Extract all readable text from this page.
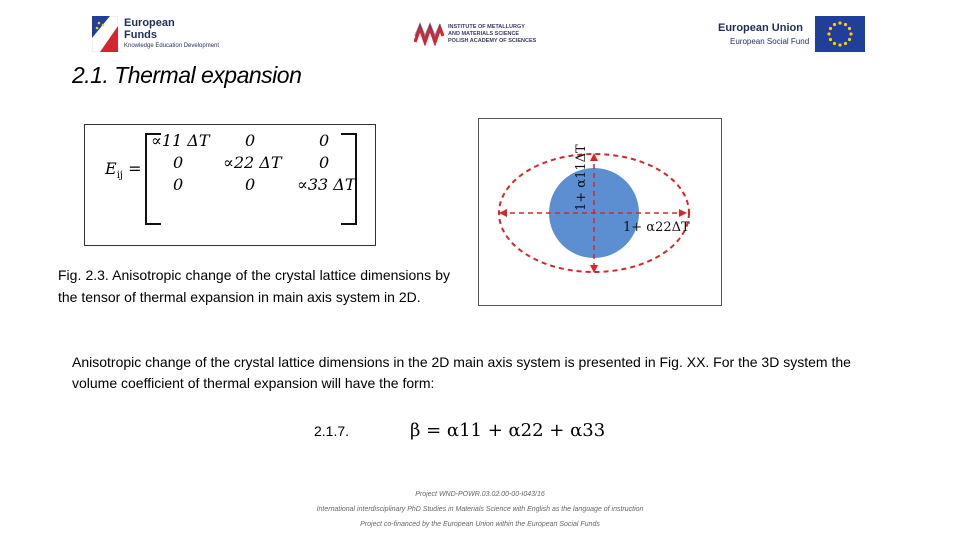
European
Funds
Knowledge Education Development
INSTITUTE OF METALLURGY
AND MATERIALS SCIENCE
POLISH ACADEMY OF SCIENCES
European Union
European Social Fund
2.1. Thermal expansion
$E_{ij}$ =
∝11 ΔT 0	0
0 ∝22 ΔT 0
0	0	∝33 ΔT	1+ α11ΔT
1+ α22ΔT
Fig. 2.3. Anisotropic change of the crystal lattice dimensions by the tensor of thermal expansion in main axis system in 2D.
Anisotropic change of the crystal lattice dimensions in the 2D main axis system is presented in Fig. XX. For the 3D system the volume coefficient of thermal expansion will have the form:
2.1.7.	β = α11 + α22 + α33
Project WND-POWR.03.02.00-00-I043/16
International interdisciplinary PhD Studies in Materials Science with English as the language of instruction
Project co-financed by the European Union within the European Social Funds
